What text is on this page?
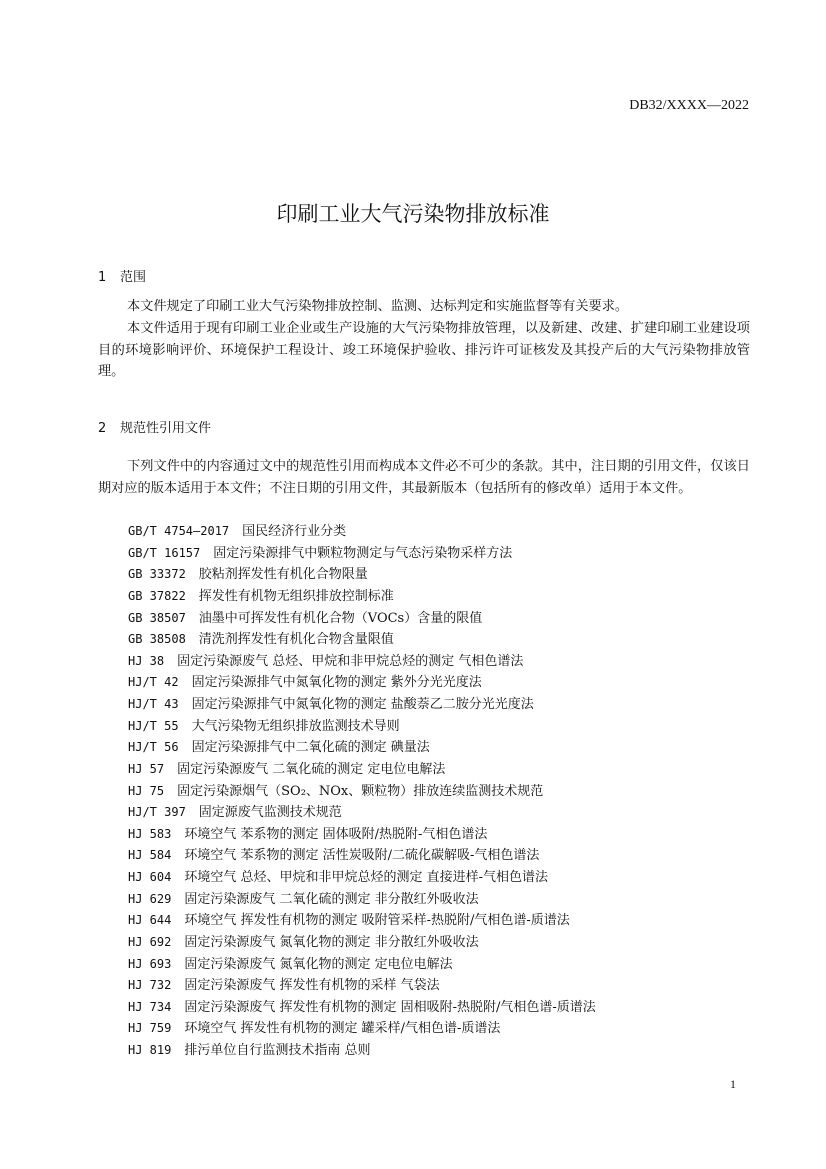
DB32/XXXX—2022
印刷工业大气污染物排放标准
1 范围

本文件规定了印刷工业大气污染物排放控制、监测、达标判定和实施监督等有关要求。

本文件适用于现有印刷工业企业或生产设施的大气污染物排放管理，以及新建、改建、扩建印刷工业建设项目的环境影响评价、环境保护工程设计、竣工环境保护验收、排污许可证核发及其投产后的大气污染物排放管理。

2 规范性引用文件

下列文件中的内容通过文中的规范性引用而构成本文件必不可少的条款。其中，注日期的引用文件，仅该日期对应的版本适用于本文件；不注日期的引用文件，其最新版本（包括所有的修改单）适用于本文件。

GB/T 4754—2017  国民经济行业分类
GB/T 16157  固定污染源排气中颗粒物测定与气态污染物采样方法
GB 33372  胶粘剂挥发性有机化合物限量
GB 37822  挥发性有机物无组织排放控制标准
GB 38507  油墨中可挥发性有机化合物（VOCs）含量的限值
GB 38508  清洗剂挥发性有机化合物含量限值
HJ 38  固定污染源废气 总烃、甲烷和非甲烷总烃的测定 气相色谱法
HJ/T 42  固定污染源排气中氮氧化物的测定 紫外分光光度法
HJ/T 43  固定污染源排气中氮氧化物的测定 盐酸萘乙二胺分光光度法
HJ/T 55  大气污染物无组织排放监测技术导则
HJ/T 56  固定污染源排气中二氧化硫的测定 碘量法
HJ 57  固定污染源废气 二氧化硫的测定 定电位电解法
HJ 75  固定污染源烟气（SO₂、NOx、颗粒物）排放连续监测技术规范
HJ/T 397  固定源废气监测技术规范
HJ 583  环境空气 苯系物的测定 固体吸附/热脱附-气相色谱法
HJ 584  环境空气 苯系物的测定 活性炭吸附/二硫化碳解吸-气相色谱法
HJ 604  环境空气 总烃、甲烷和非甲烷总烃的测定 直接进样-气相色谱法
HJ 629  固定污染源废气 二氧化硫的测定 非分散红外吸收法
HJ 644  环境空气 挥发性有机物的测定 吸附管采样-热脱附/气相色谱-质谱法
HJ 692  固定污染源废气 氮氧化物的测定 非分散红外吸收法
HJ 693  固定污染源废气 氮氧化物的测定 定电位电解法
HJ 732  固定污染源废气 挥发性有机物的采样 气袋法
HJ 734  固定污染源废气 挥发性有机物的测定 固相吸附-热脱附/气相色谱-质谱法
HJ 759  环境空气 挥发性有机物的测定 罐采样/气相色谱-质谱法
HJ 819  排污单位自行监测技术指南 总则
1
